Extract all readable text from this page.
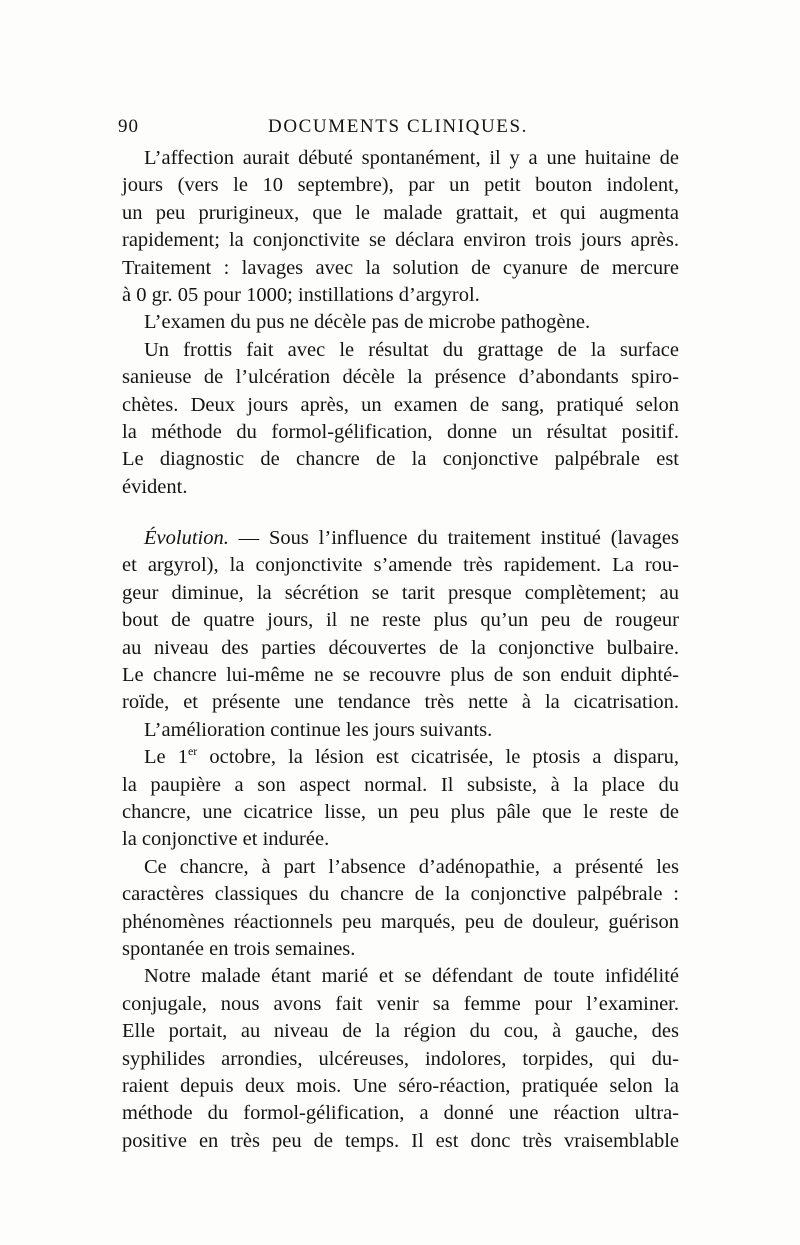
90	DOCUMENTS CLINIQUES.
L’affection aurait débuté spontanément, il y a une huitaine de
jours (vers le 10 septembre), par un petit bouton indolent,
un peu prurigineux, que le malade grattait, et qui augmenta
rapidement; la conjonctivite se déclara environ trois jours après.
Traitement : lavages avec la solution de cyanure de mercure
à 0 gr. 05 pour 1000; instillations d’argyrol.
L’examen du pus ne décèle pas de microbe pathogène.
Un frottis fait avec le résultat du grattage de la surface
sanieuse de l’ulcération décèle la présence d’abondants spiro-
chètes. Deux jours après, un examen de sang, pratiqué selon
la méthode du formol-gélification, donne un résultat positif.
Le diagnostic de chancre de la conjonctive palpébrale est
évident.
Évolution. — Sous l’influence du traitement institué (lavages
et argyrol), la conjonctivite s’amende très rapidement. La rou-
geur diminue, la sécrétion se tarit presque complètement; au
bout de quatre jours, il ne reste plus qu’un peu de rougeur
au niveau des parties découvertes de la conjonctive bulbaire.
Le chancre lui-même ne se recouvre plus de son enduit diphté-
roïde, et présente une tendance très nette à la cicatrisation.
L’amélioration continue les jours suivants.
Le 1er octobre, la lésion est cicatrisée, le ptosis a disparu,
la paupière a son aspect normal. Il subsiste, à la place du
chancre, une cicatrice lisse, un peu plus pâle que le reste de
la conjonctive et indurée.
Ce chancre, à part l’absence d’adénopathie, a présenté les
caractères classiques du chancre de la conjonctive palpébrale :
phénomènes réactionnels peu marqués, peu de douleur, guérison
spontanée en trois semaines.
Notre malade étant marié et se défendant de toute infidélité
conjugale, nous avons fait venir sa femme pour l’examiner.
Elle portait, au niveau de la région du cou, à gauche, des
syphilides arrondies, ulcéreuses, indolores, torpides, qui du-
raient depuis deux mois. Une séro-réaction, pratiquée selon la
méthode du formol-gélification, a donné une réaction ultra-
positive en très peu de temps. Il est donc très vraisemblable
